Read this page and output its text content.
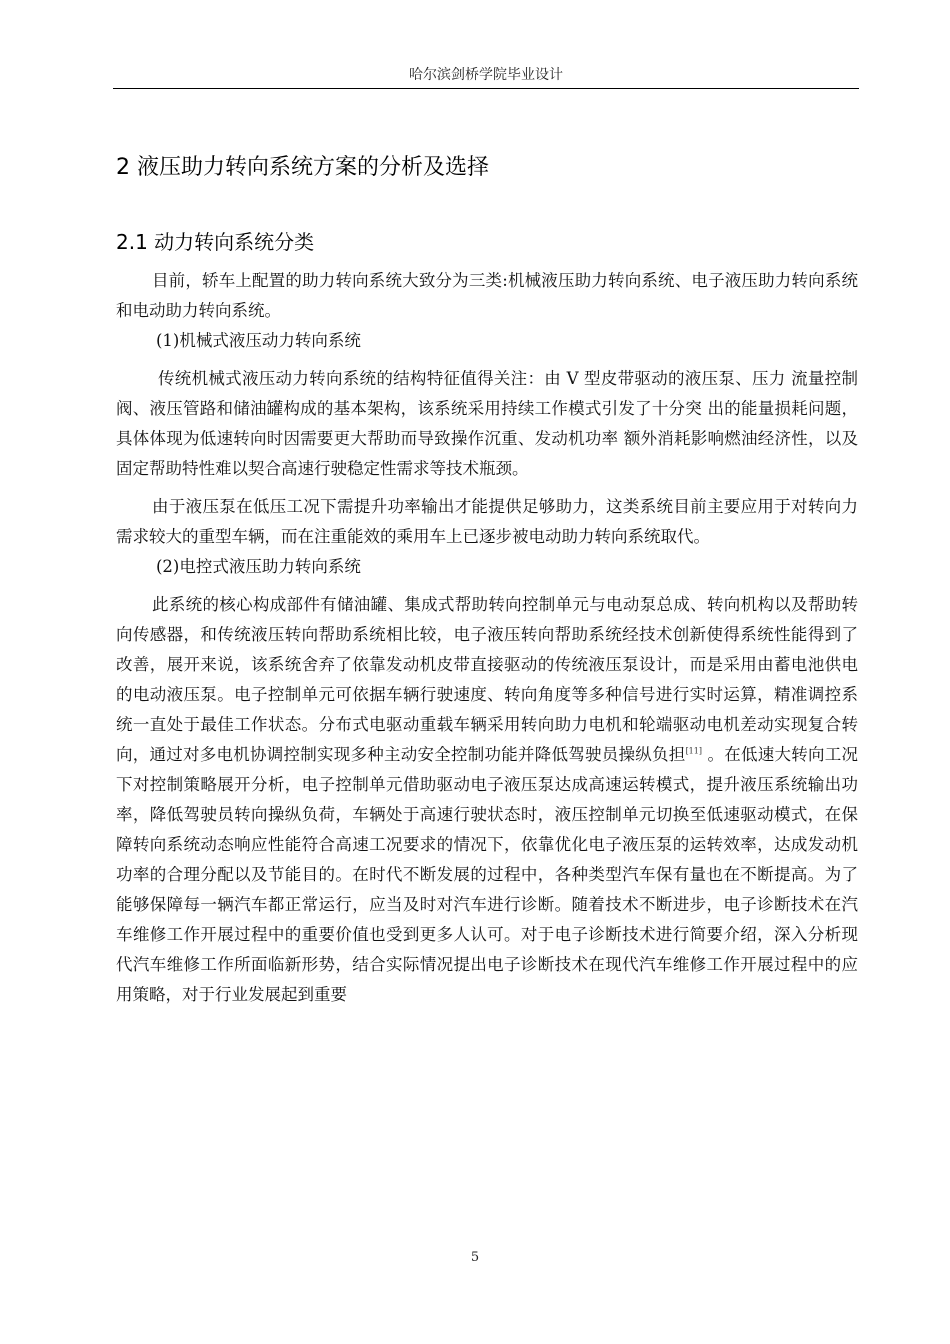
哈尔滨剑桥学院毕业设计
2 液压助力转向系统方案的分析及选择
2.1 动力转向系统分类

目前，轿车上配置的助力转向系统大致分为三类:机械液压助力转向系统、电子液压助力转向系统和电动助力转向系统。

(1)机械式液压动力转向系统

传统机械式液压动力转向系统的结构特征值得关注：由 V 型皮带驱动的液压泵、压力 流量控制阀、液压管路和储油罐构成的基本架构，该系统采用持续工作模式引发了十分突 出的能量损耗问题，具体体现为低速转向时因需要更大帮助而导致操作沉重、发动机功率 额外消耗影响燃油经济性，以及固定帮助特性难以契合高速行驶稳定性需求等技术瓶颈。

由于液压泵在低压工况下需提升功率输出才能提供足够助力，这类系统目前主要应用于对转向力需求较大的重型车辆，而在注重能效的乘用车上已逐步被电动助力转向系统取代。

(2)电控式液压助力转向系统

此系统的核心构成部件有储油罐、集成式帮助转向控制单元与电动泵总成、转向机构以及帮助转向传感器，和传统液压转向帮助系统相比较，电子液压转向帮助系统经技术创新使得系统性能得到了改善，展开来说，该系统舍弃了依靠发动机皮带直接驱动的传统液压泵设计，而是采用由蓄电池供电的电动液压泵。电子控制单元可依据车辆行驶速度、转向角度等多种信号进行实时运算，精准调控系统一直处于最佳工作状态。分布式电驱动重载车辆采用转向助力电机和轮端驱动电机差动实现复合转向，通过对多电机协调控制实现多种主动安全控制功能并降低驾驶员操纵负担[11] 。在低速大转向工况下对控制策略展开分析，电子控制单元借助驱动电子液压泵达成高速运转模式，提升液压系统输出功率，降低驾驶员转向操纵负荷，车辆处于高速行驶状态时，液压控制单元切换至低速驱动模式，在保障转向系统动态响应性能符合高速工况要求的情况下，依靠优化电子液压泵的运转效率，达成发动机功率的合理分配以及节能目的。在时代不断发展的过程中，各种类型汽车保有量也在不断提高。为了能够保障每一辆汽车都正常运行，应当及时对汽车进行诊断。随着技术不断进步，电子诊断技术在汽车维修工作开展过程中的重要价值也受到更多人认可。对于电子诊断技术进行简要介绍，深入分析现代汽车维修工作所面临新形势，结合实际情况提出电子诊断技术在现代汽车维修工作开展过程中的应用策略，对于行业发展起到重要

5
